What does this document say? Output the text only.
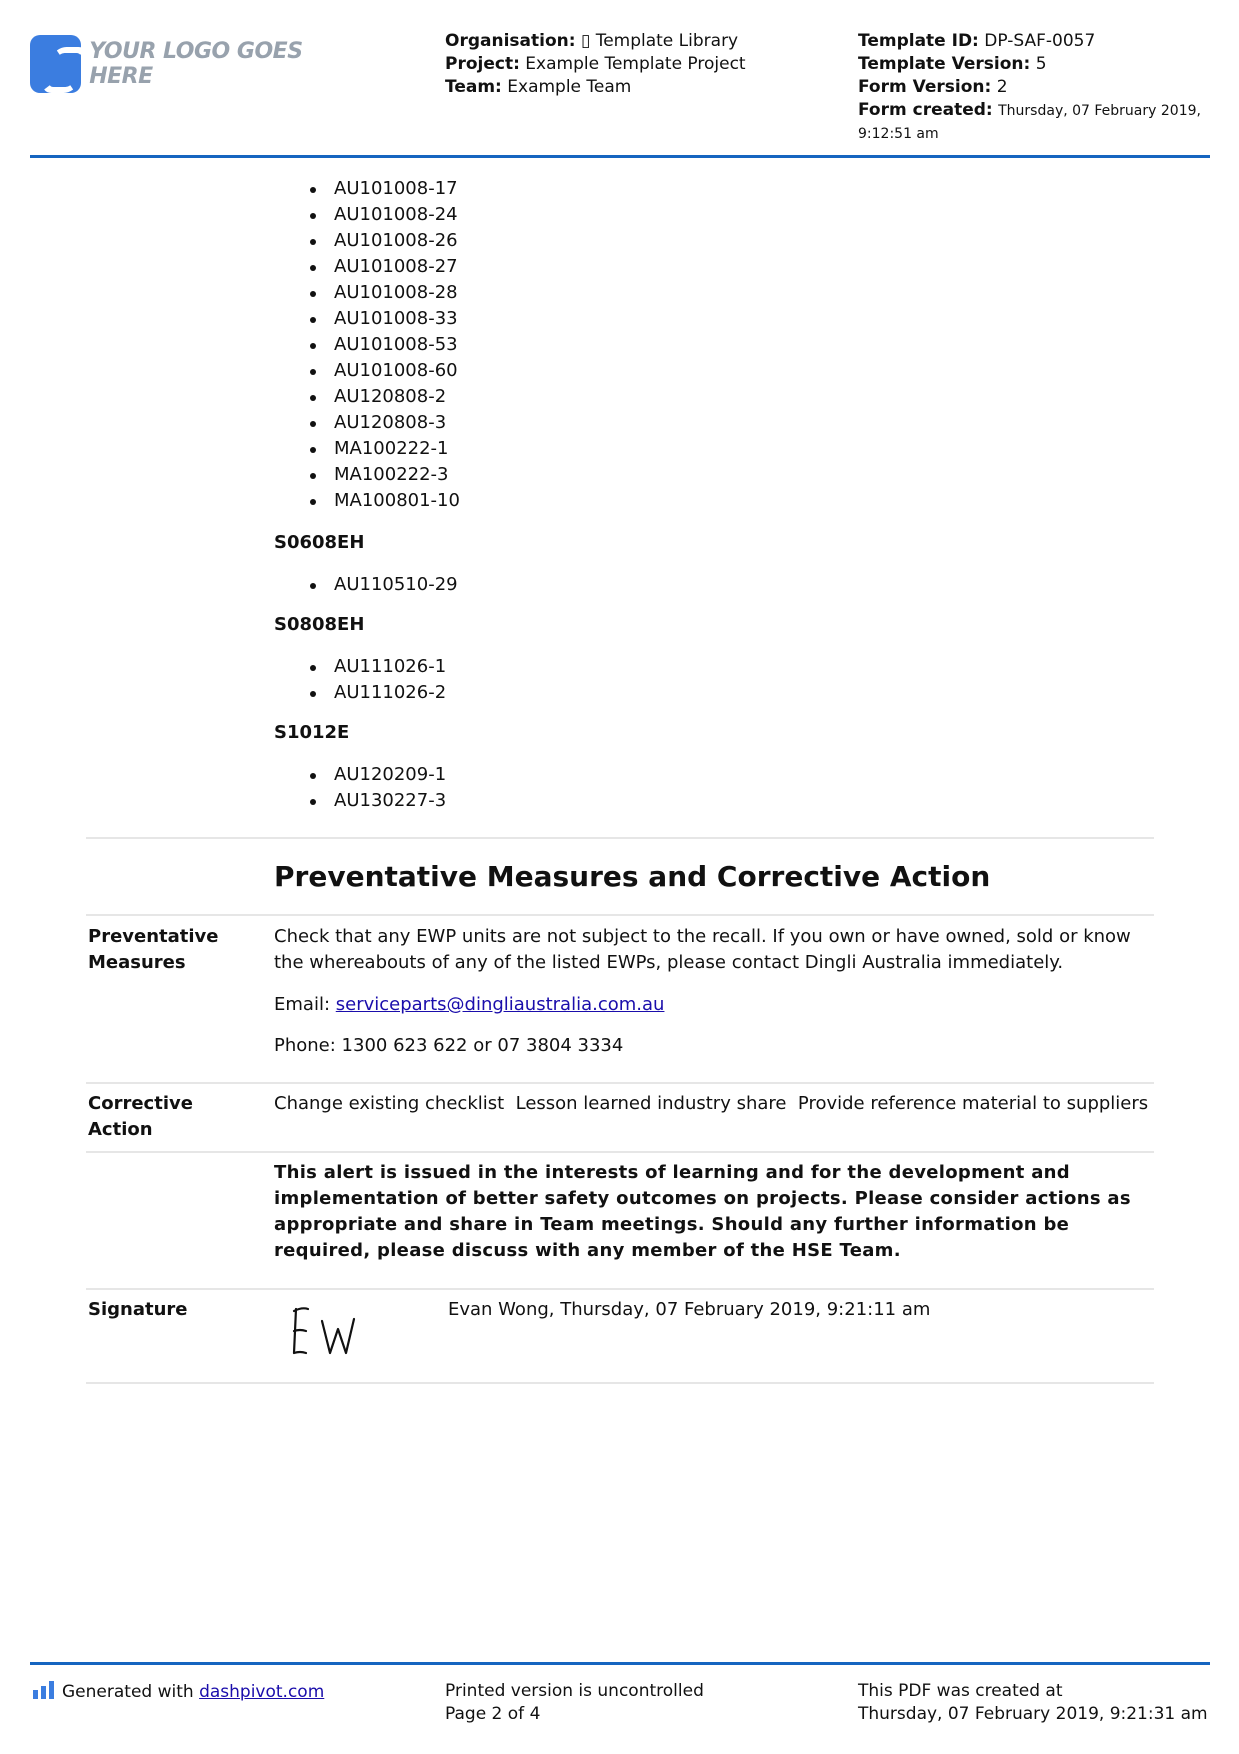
YOUR LOGO GOES HERE
Organisation: ▯ Template Library
Project: Example Template Project
Team: Example Team
Template ID: DP-SAF-0057
Template Version: 5
Form Version: 2
Form created: Thursday, 07 February 2019,
9:12:51 am
AU101008-17
AU101008-24
AU101008-26
AU101008-27
AU101008-28
AU101008-33
AU101008-53
AU101008-60
AU120808-2
AU120808-3
MA100222-1
MA100222-3
MA100801-10
S0608EH
AU110510-29
S0808EH
AU111026-1
AU111026-2
S1012E
AU120209-1
AU130227-3
Preventative Measures and Corrective Action
Preventative
Measures
Check that any EWP units are not subject to the recall. If you own or have owned, sold or know the whereabouts of any of the listed EWPs, please contact Dingli Australia immediately.
Email: serviceparts@dingliaustralia.com.au
Phone: 1300 623 622 or 07 3804 3334
Corrective
Action
Change existing checklist  Lesson learned industry share  Provide reference material to suppliers
This alert is issued in the interests of learning and for the development and implementation of better safety outcomes on projects. Please consider actions as appropriate and share in Team meetings. Should any further information be required, please discuss with any member of the HSE Team.
Signature	Evan Wong, Thursday, 07 February 2019, 9:21:11 am
Generated with dashpivot.com	Printed version is uncontrolled
Page 2 of 4
This PDF was created at
Thursday, 07 February 2019, 9:21:31 am
